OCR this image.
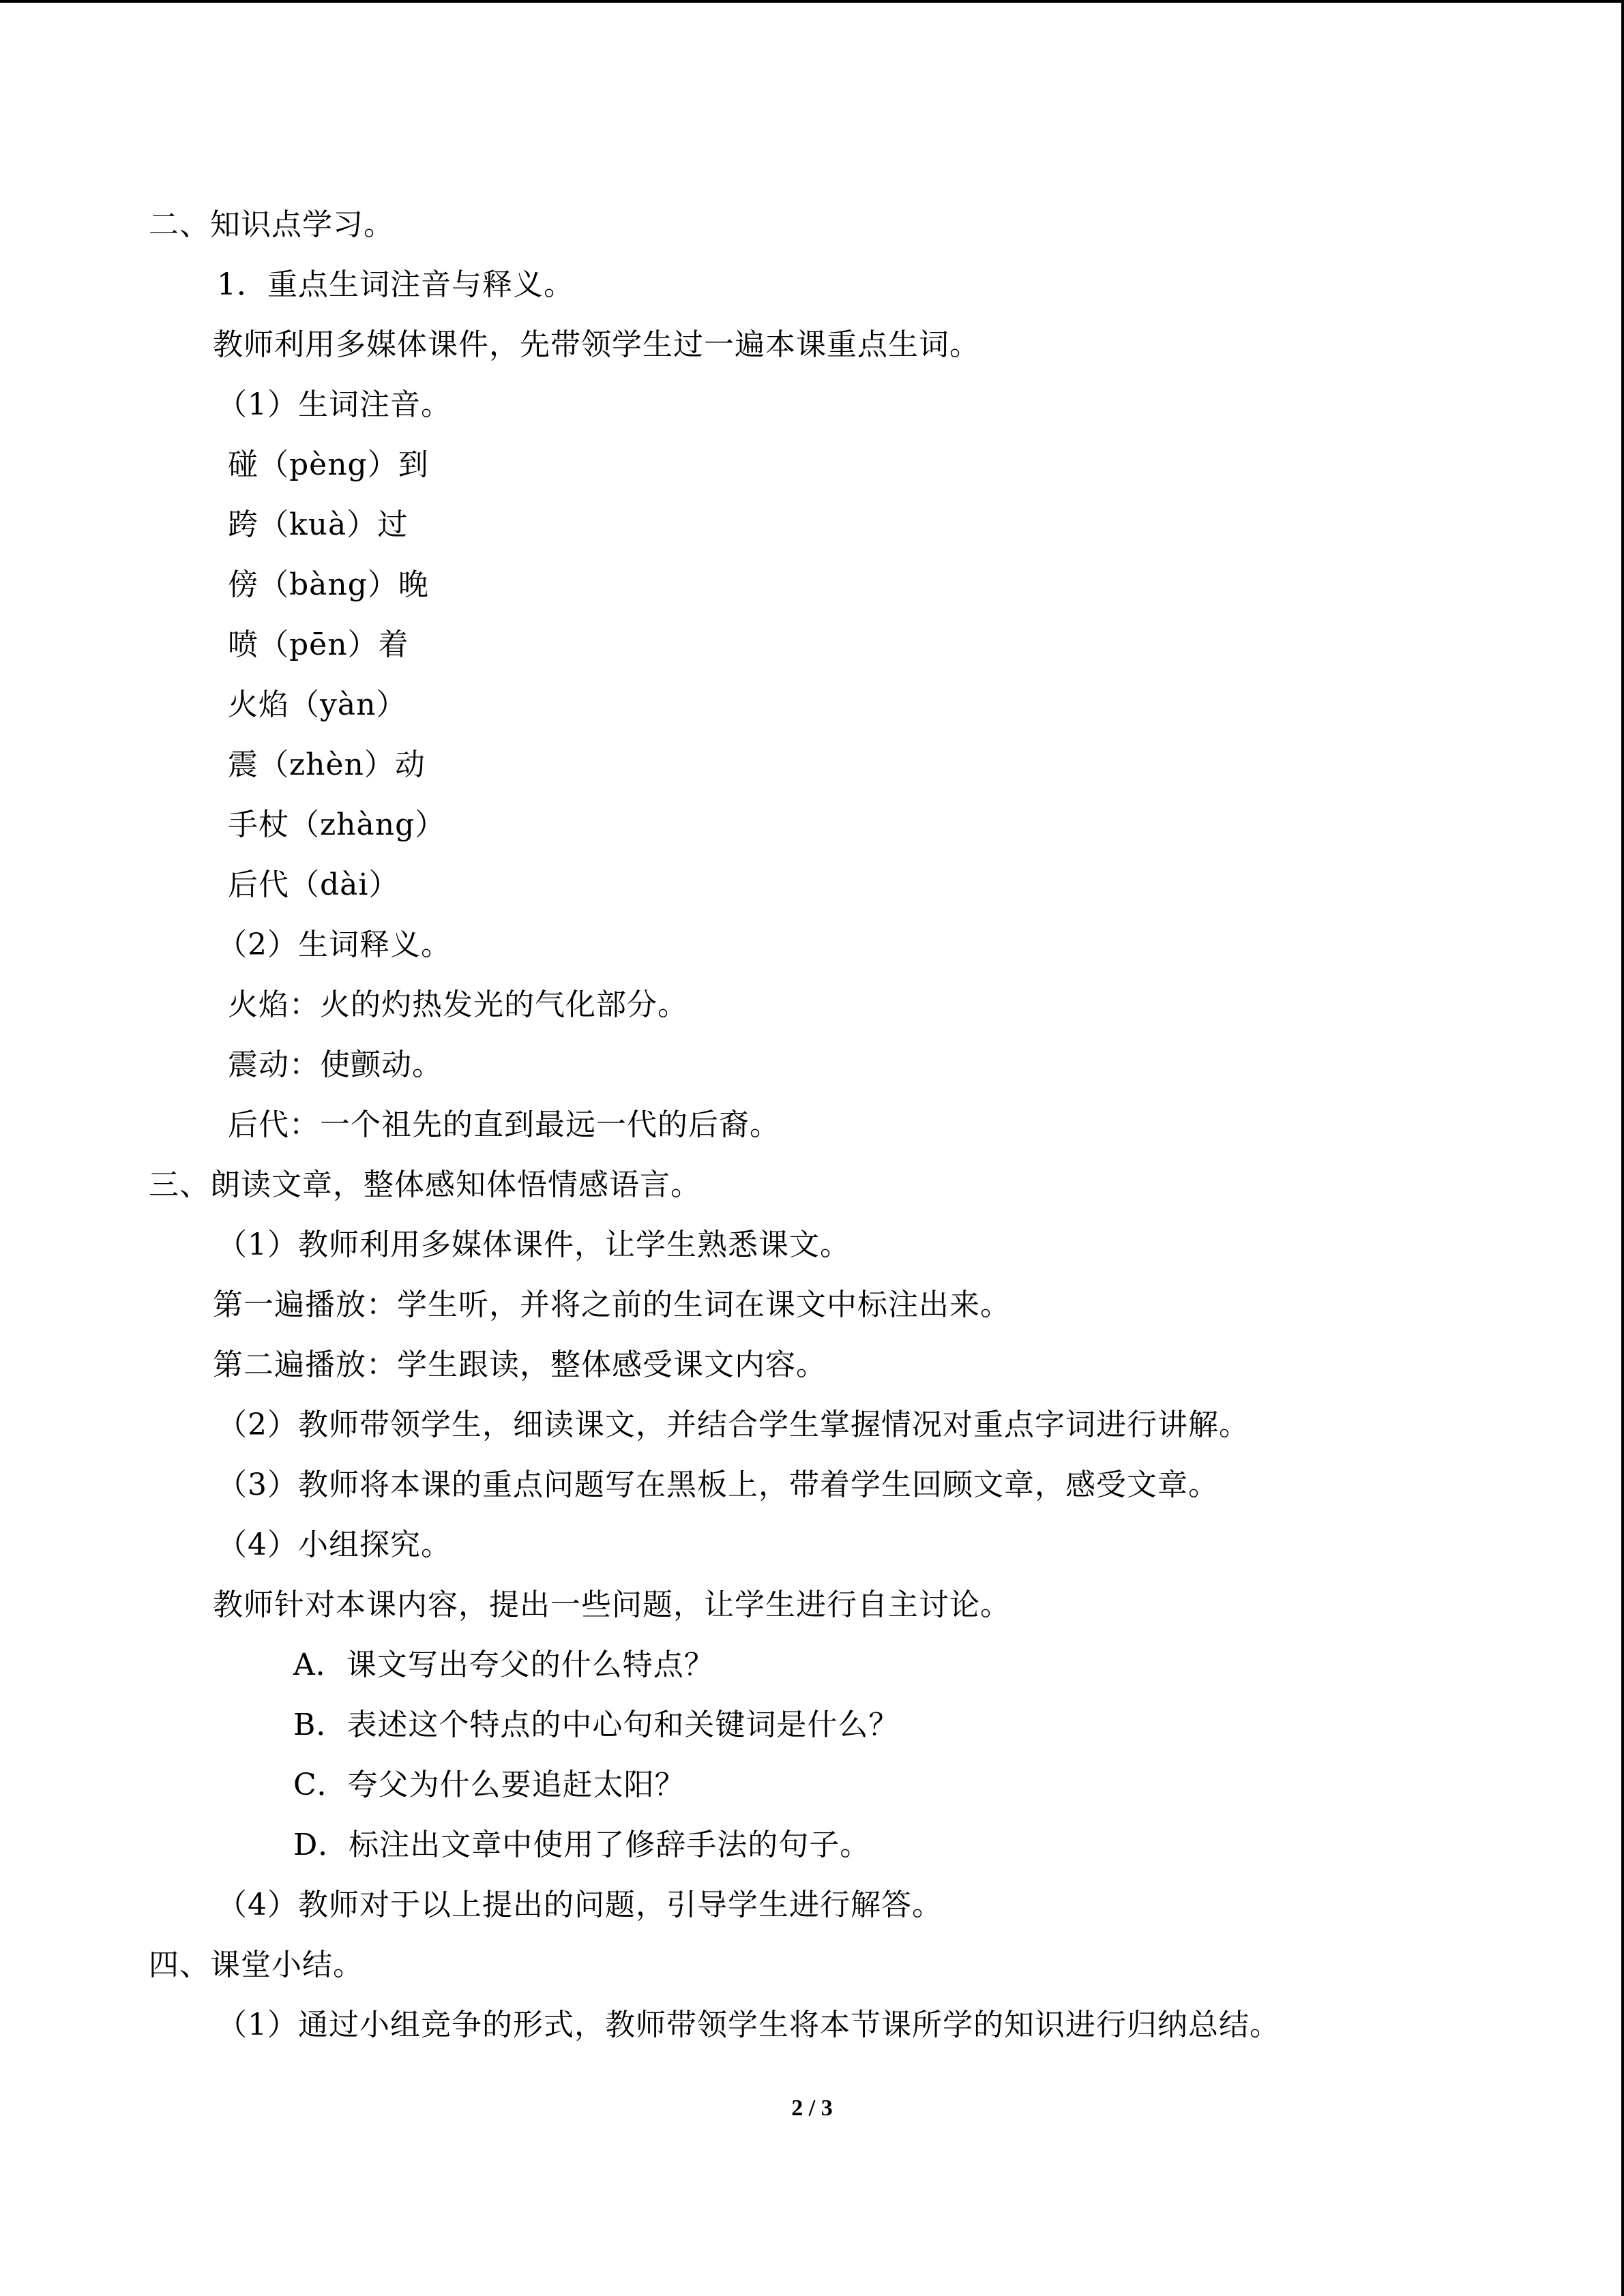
二、知识点学习。
1．重点生词注音与释义。
教师利用多媒体课件，先带领学生过一遍本课重点生词。
（1）生词注音。
碰（pèng）到
跨（kuà）过
傍（bàng）晚
喷（pēn）着
火焰（yàn）
震（zhèn）动
手杖（zhàng）
后代（dài）
（2）生词释义。
火焰：火的灼热发光的气化部分。
震动：使颤动。
后代：一个祖先的直到最远一代的后裔。
三、朗读文章，整体感知体悟情感语言。
（1）教师利用多媒体课件，让学生熟悉课文。
第一遍播放：学生听，并将之前的生词在课文中标注出来。
第二遍播放：学生跟读，整体感受课文内容。
（2）教师带领学生，细读课文，并结合学生掌握情况对重点字词进行讲解。
（3）教师将本课的重点问题写在黑板上，带着学生回顾文章，感受文章。
（4）小组探究。
教师针对本课内容，提出一些问题，让学生进行自主讨论。
A．课文写出夸父的什么特点？
B．表述这个特点的中心句和关键词是什么？
C．夸父为什么要追赶太阳？
D．标注出文章中使用了修辞手法的句子。
（4）教师对于以上提出的问题，引导学生进行解答。
四、课堂小结。
（1）通过小组竞争的形式，教师带领学生将本节课所学的知识进行归纳总结。
2 / 3
